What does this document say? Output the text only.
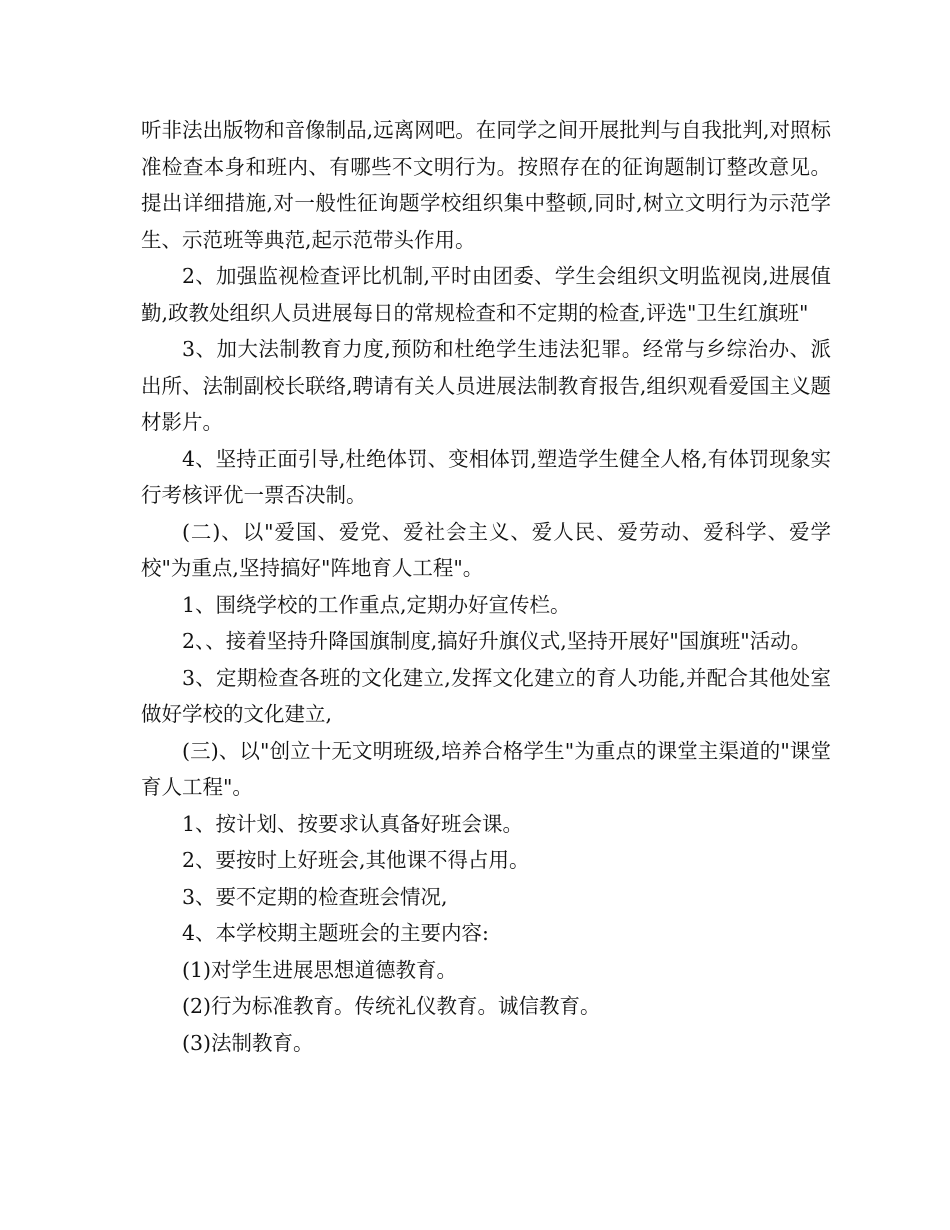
听非法出版物和音像制品,远离网吧。在同学之间开展批判与自我批判,对照标准检查本身和班内、有哪些不文明行为。按照存在的征询题制订整改意见。提出详细措施,对一般性征询题学校组织集中整顿,同时,树立文明行为示范学生、示范班等典范,起示范带头作用。

2、加强监视检查评比机制,平时由团委、学生会组织文明监视岗,进展值勤,政教处组织人员进展每日的常规检查和不定期的检查,评选"卫生红旗班"

3、加大法制教育力度,预防和杜绝学生违法犯罪。经常与乡综治办、派出所、法制副校长联络,聘请有关人员进展法制教育报告,组织观看爱国主义题材影片。

4、坚持正面引导,杜绝体罚、变相体罚,塑造学生健全人格,有体罚现象实行考核评优一票否决制。

(二)、以"爱国、爱党、爱社会主义、爱人民、爱劳动、爱科学、爱学校"为重点,坚持搞好"阵地育人工程"。

1、围绕学校的工作重点,定期办好宣传栏。

2、、接着坚持升降国旗制度,搞好升旗仪式,坚持开展好"国旗班"活动。

3、定期检查各班的文化建立,发挥文化建立的育人功能,并配合其他处室做好学校的文化建立,

(三)、以"创立十无文明班级,培养合格学生"为重点的课堂主渠道的"课堂育人工程"。

1、按计划、按要求认真备好班会课。

2、要按时上好班会,其他课不得占用。

3、要不定期的检查班会情况,

4、本学校期主题班会的主要内容:

(1)对学生进展思想道德教育。

(2)行为标准教育。传统礼仪教育。诚信教育。

(3)法制教育。
